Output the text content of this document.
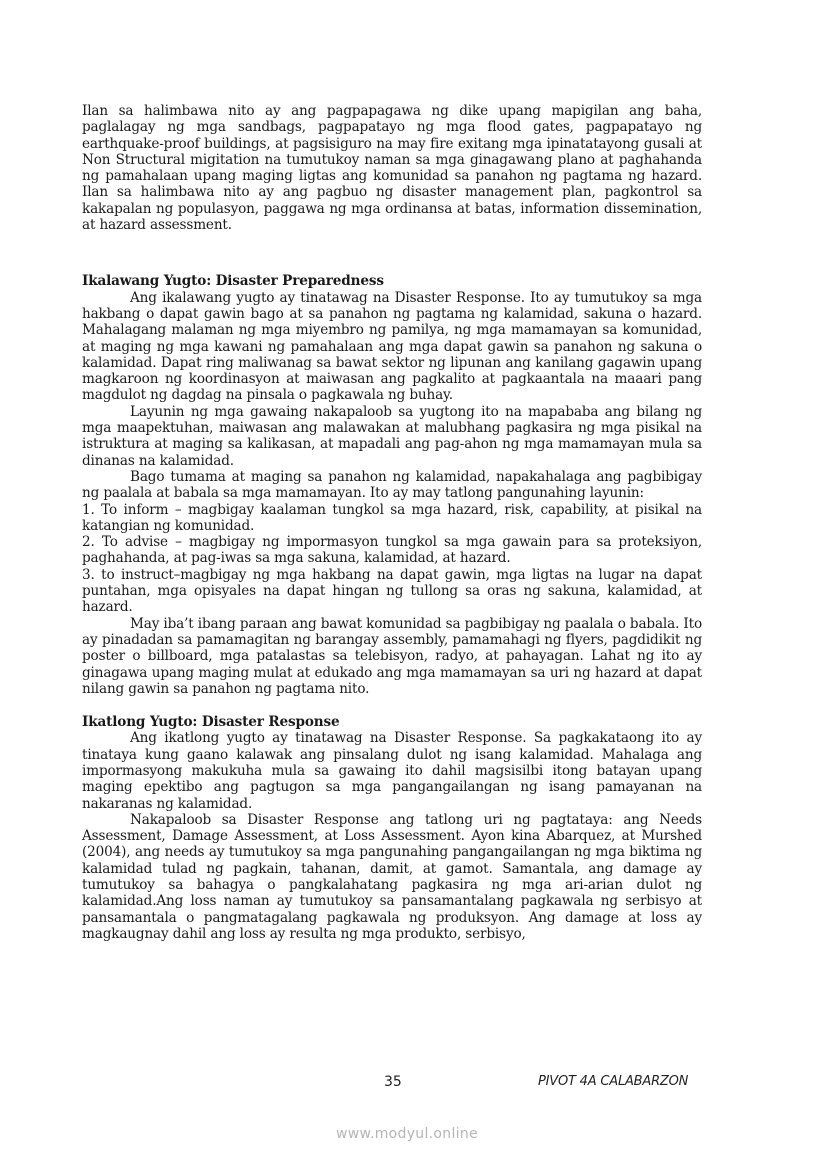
Ilan sa halimbawa nito ay ang pagpapagawa ng dike upang mapigilan ang baha, paglalagay ng mga sandbags, pagpapatayo ng mga flood gates, pagpapatayo ng earthquake-proof buildings, at pagsisiguro na may fire exitang mga ipinatatayong gusali at Non Structural migitation na tumutukoy naman sa mga ginagawang plano at paghahanda ng pamahalaan upang maging ligtas ang komunidad sa panahon ng pagtama ng hazard. Ilan sa halimbawa nito ay ang pagbuo ng disaster management plan, pagkontrol sa kakapalan ng populasyon, paggawa ng mga ordinansa at batas, information dissemination, at hazard assessment.

Ikalawang Yugto: Disaster Preparedness

Ang ikalawang yugto ay tinatawag na Disaster Response. Ito ay tumutukoy sa mga hakbang o dapat gawin bago at sa panahon ng pagtama ng kalamidad, sakuna o hazard. Mahalagang malaman ng mga miyembro ng pamilya, ng mga mamamayan sa komunidad, at maging ng mga kawani ng pamahalaan ang mga dapat gawin sa panahon ng sakuna o kalamidad. Dapat ring maliwanag sa bawat sektor ng lipunan ang kanilang gagawin upang magkaroon ng koordinasyon at maiwasan ang pagkalito at pagkaantala na maaari pang magdulot ng dagdag na pinsala o pagkawala ng buhay.

Layunin ng mga gawaing nakapaloob sa yugtong ito na mapababa ang bilang ng mga maapektuhan, maiwasan ang malawakan at malubhang pagkasira ng mga pisikal na istruktura at maging sa kalikasan, at mapadali ang pag-ahon ng mga mamamayan mula sa dinanas na kalamidad.

Bago tumama at maging sa panahon ng kalamidad, napakahalaga ang pagbibigay ng paalala at babala sa mga mamamayan. Ito ay may tatlong pangunahing layunin:

1. To inform – magbigay kaalaman tungkol sa mga hazard, risk, capability, at pisikal na katangian ng komunidad.

2. To advise – magbigay ng impormasyon tungkol sa mga gawain para sa proteksiyon, paghahanda, at pag-iwas sa mga sakuna, kalamidad, at hazard.

3. to instruct–magbigay ng mga hakbang na dapat gawin, mga ligtas na lugar na dapat puntahan, mga opisyales na dapat hingan ng tullong sa oras ng sakuna, kalamidad, at hazard.

May iba’t ibang paraan ang bawat komunidad sa pagbibigay ng paalala o babala. Ito ay pinadadan sa pamamagitan ng barangay assembly, pamamahagi ng flyers, pagdidikit ng poster o billboard, mga patalastas sa telebisyon, radyo, at pahayagan. Lahat ng ito ay ginagawa upang maging mulat at edukado ang mga mamamayan sa uri ng hazard at dapat nilang gawin sa panahon ng pagtama nito.

Ikatlong Yugto: Disaster Response

Ang ikatlong yugto ay tinatawag na Disaster Response. Sa pagkakataong ito ay tinataya kung gaano kalawak ang pinsalang dulot ng isang kalamidad. Mahalaga ang impormasyong makukuha mula sa gawaing ito dahil magsisilbi itong batayan upang maging epektibo ang pagtugon sa mga pangangailangan ng isang pamayanan na nakaranas ng kalamidad.

Nakapaloob sa Disaster Response ang tatlong uri ng pagtataya: ang Needs Assessment, Damage Assessment, at Loss Assessment. Ayon kina Abarquez, at Murshed (2004), ang needs ay tumutukoy sa mga pangunahing pangangailangan ng mga biktima ng kalamidad tulad ng pagkain, tahanan, damit, at gamot. Samantala, ang damage ay tumutukoy sa bahagya o pangkalahatang pagkasira ng mga ari-arian dulot ng kalamidad.Ang loss naman ay tumutukoy sa pansamantalang pagkawala ng serbisyo at pansamantala o pangmatagalang pagkawala ng produksyon. Ang damage at loss ay magkaugnay dahil ang loss ay resulta ng mga produkto, serbisyo,

35	PIVOT 4A CALABARZON
www.modyul.online
